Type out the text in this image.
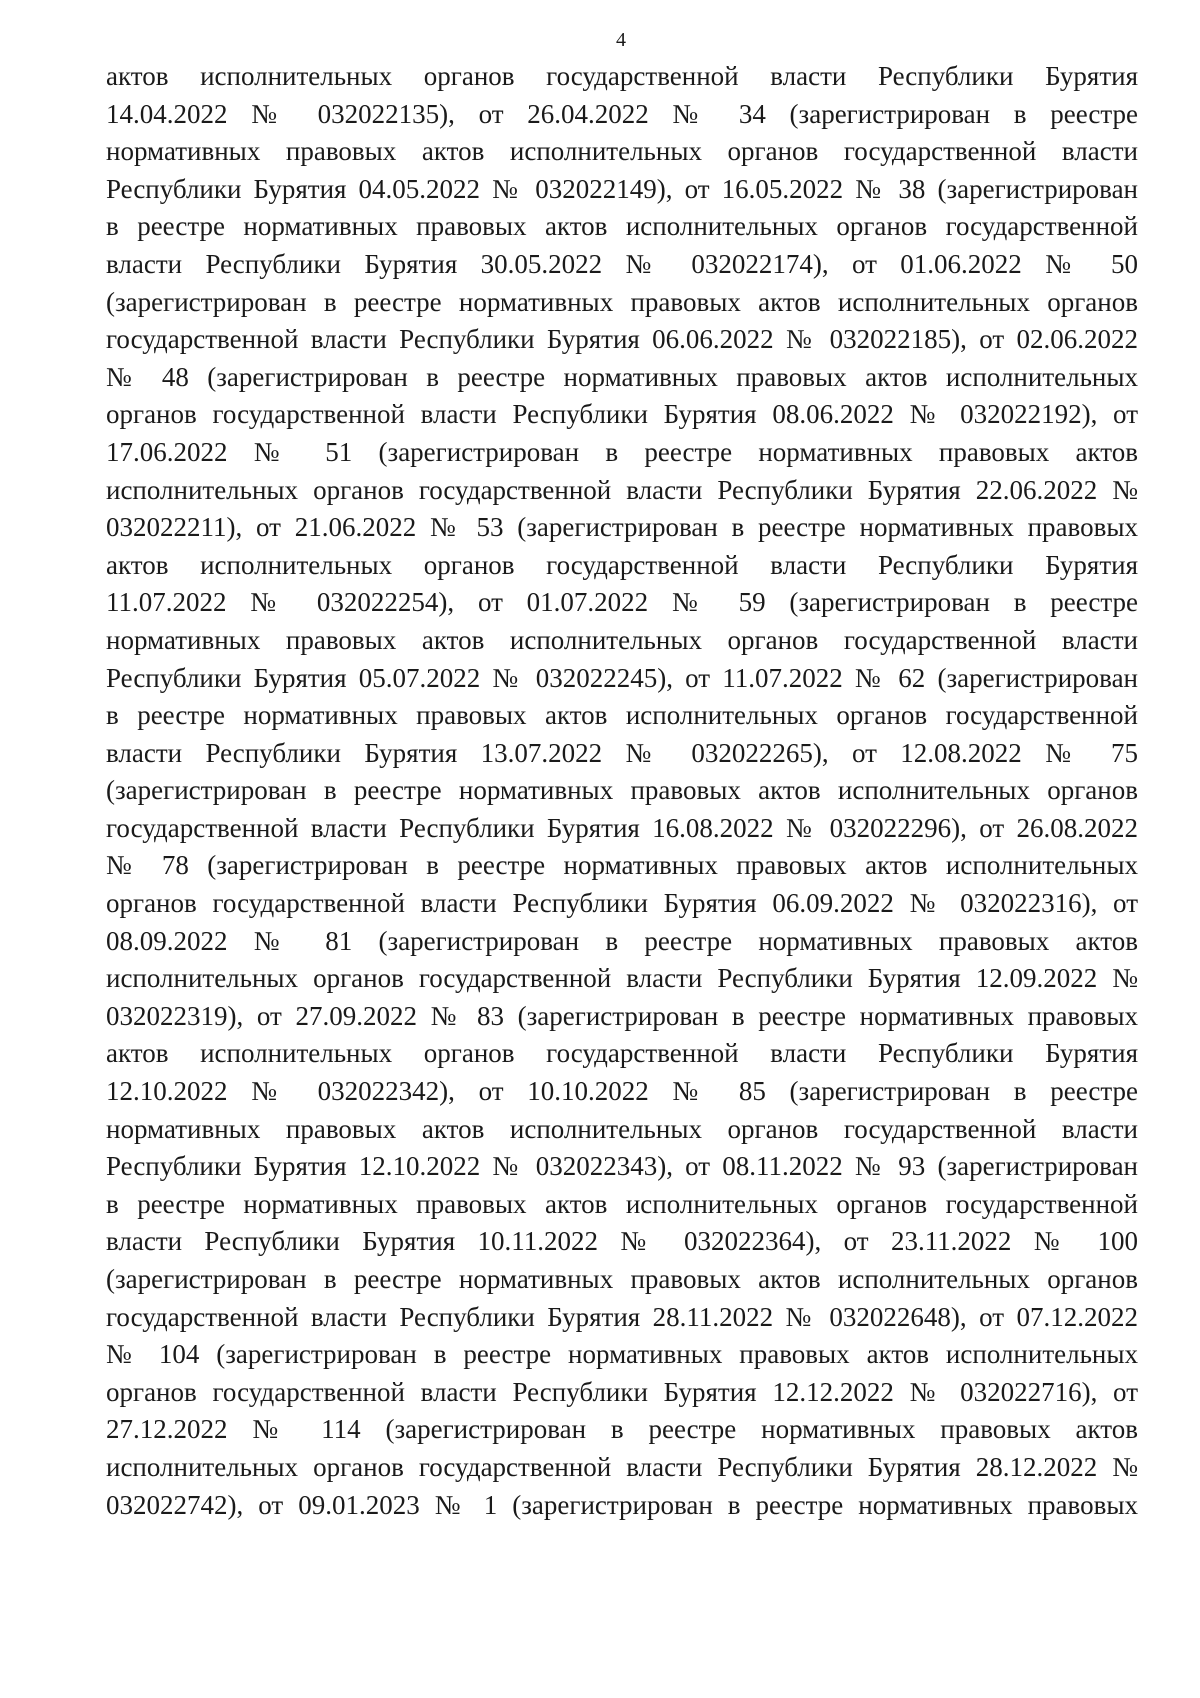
4
актов исполнительных органов государственной власти Республики Бурятия
14.04.2022 № 032022135), от 26.04.2022 № 34 (зарегистрирован в реестре
нормативных правовых актов исполнительных органов государственной власти
Республики Бурятия 04.05.2022 № 032022149), от 16.05.2022 № 38 (зарегистрирован
в реестре нормативных правовых актов исполнительных органов государственной
власти Республики Бурятия 30.05.2022 № 032022174), от 01.06.2022 № 50
(зарегистрирован в реестре нормативных правовых актов исполнительных органов
государственной власти Республики Бурятия 06.06.2022 № 032022185), от 02.06.2022
№ 48 (зарегистрирован в реестре нормативных правовых актов исполнительных
органов государственной власти Республики Бурятия 08.06.2022 № 032022192), от
17.06.2022 № 51 (зарегистрирован в реестре нормативных правовых актов
исполнительных органов государственной власти Республики Бурятия 22.06.2022 №
032022211), от 21.06.2022 № 53 (зарегистрирован в реестре нормативных правовых
актов исполнительных органов государственной власти Республики Бурятия
11.07.2022 № 032022254), от 01.07.2022 № 59 (зарегистрирован в реестре
нормативных правовых актов исполнительных органов государственной власти
Республики Бурятия 05.07.2022 № 032022245), от 11.07.2022 № 62 (зарегистрирован
в реестре нормативных правовых актов исполнительных органов государственной
власти Республики Бурятия 13.07.2022 № 032022265), от 12.08.2022 № 75
(зарегистрирован в реестре нормативных правовых актов исполнительных органов
государственной власти Республики Бурятия 16.08.2022 № 032022296), от 26.08.2022
№ 78 (зарегистрирован в реестре нормативных правовых актов исполнительных
органов государственной власти Республики Бурятия 06.09.2022 № 032022316), от
08.09.2022 № 81 (зарегистрирован в реестре нормативных правовых актов
исполнительных органов государственной власти Республики Бурятия 12.09.2022 №
032022319), от 27.09.2022 № 83 (зарегистрирован в реестре нормативных правовых
актов исполнительных органов государственной власти Республики Бурятия
12.10.2022 № 032022342), от 10.10.2022 № 85 (зарегистрирован в реестре
нормативных правовых актов исполнительных органов государственной власти
Республики Бурятия 12.10.2022 № 032022343), от 08.11.2022 № 93 (зарегистрирован
в реестре нормативных правовых актов исполнительных органов государственной
власти Республики Бурятия 10.11.2022 № 032022364), от 23.11.2022 № 100
(зарегистрирован в реестре нормативных правовых актов исполнительных органов
государственной власти Республики Бурятия 28.11.2022 № 032022648), от 07.12.2022
№ 104 (зарегистрирован в реестре нормативных правовых актов исполнительных
органов государственной власти Республики Бурятия 12.12.2022 № 032022716), от
27.12.2022 № 114 (зарегистрирован в реестре нормативных правовых актов
исполнительных органов государственной власти Республики Бурятия 28.12.2022 №
032022742), от 09.01.2023 № 1 (зарегистрирован в реестре нормативных правовых
